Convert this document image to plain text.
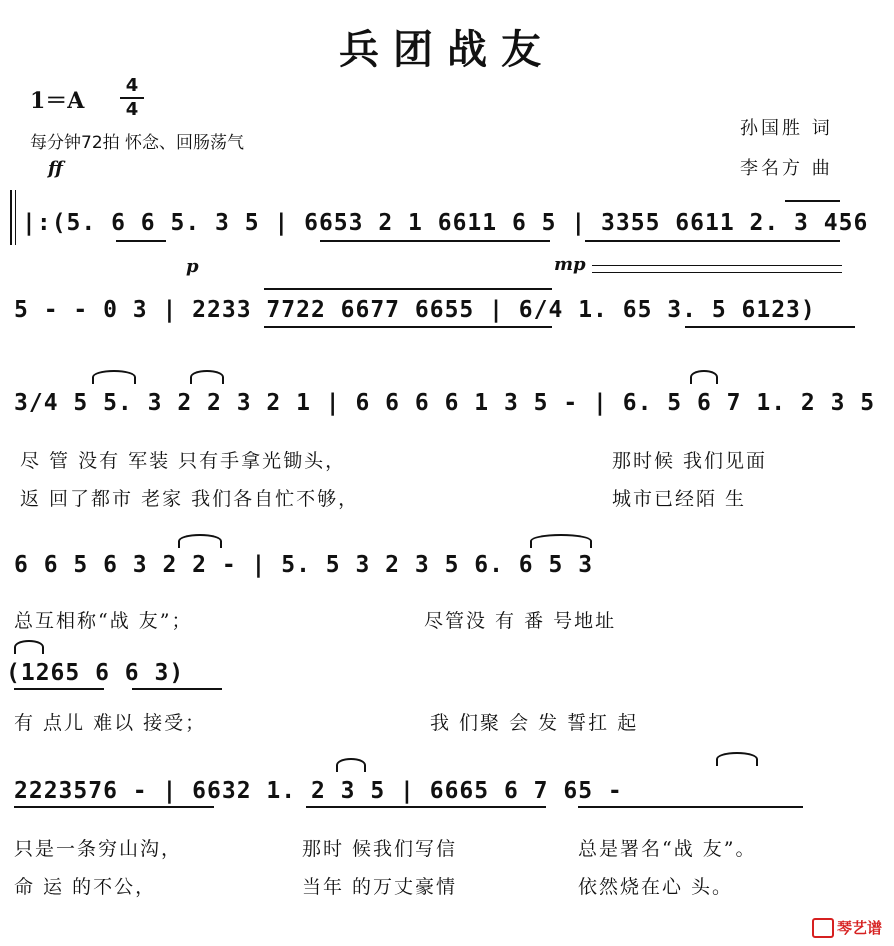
兵团战友
1＝A
4
4
每分钟72拍 怀念、回肠荡气
孙国胜 词
李名方 曲
ff
|:(5. 6 6 5. 3 5 | 6653 2 1 6611 6 5 | 3355 6611 2. 3 456
p	mp
5 - - 0 3 | 2233 7722 6677 6655 | 6/4 1. 65 3. 5 6123)
3/4 5 5. 3 2 2 3 2 1 | 6 6 6 6 1 3 5 - | 6. 5 6 7 1. 2 3 5
尽 管 没有 军装 只有手拿光锄头，	那时候 我们见面
返 回了都市 老家 我们各自忙不够，	城市已经陌 生
6 6 5 6 3 2 2 - | 5. 5 3 2 3 5 6. 6 5 3
总互相称“战 友”；	尽管没 有 番 号地址
(1265 6 6 3)
有 点儿 难以 接受；	我 们聚 会 发 誓扛 起
2223576 - | 6632 1. 2 3 5 | 6665 6 7 65 -
只是一条穷山沟，	那时 候我们写信	总是署名“战 友”。
命 运 的不公，	当年 的万丈豪情	依然烧在心 头。
琴艺谱
